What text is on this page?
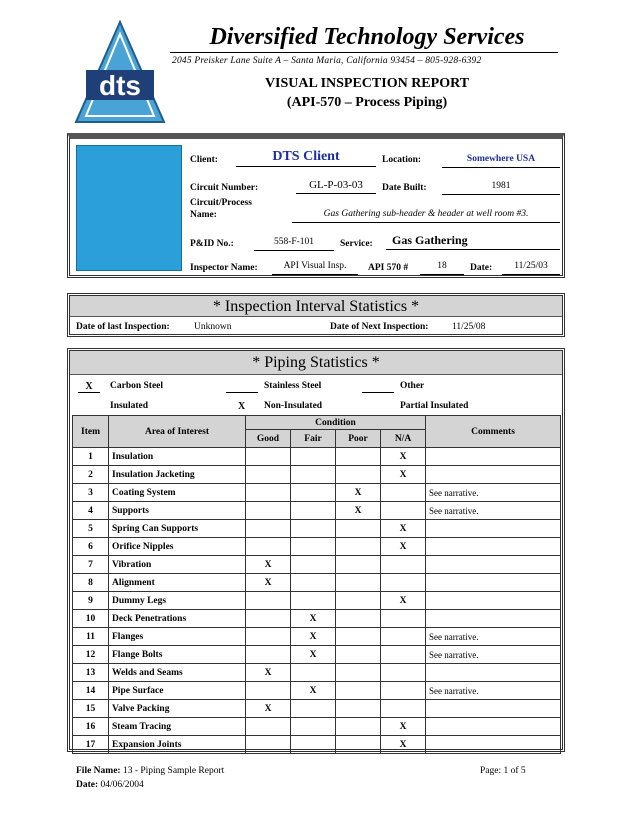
dts
Diversified Technology Services
2045 Preisker Lane Suite A – Santa Maria, California 93454 – 805-928-6392
VISUAL INSPECTION REPORT
(API-570 – Process Piping)
Client:	DTS Client	Location:	Somewhere USA
Circuit Number:	GL-P-03-03	Date Built:	1981
Circuit/Process
Name:	Gas Gathering sub-header & header at well room #3.
P&ID No.:	558-F-101	Service:	Gas Gathering
Inspector Name:	API Visual Insp.	API 570 #	18	Date:	11/25/03
* Inspection Interval Statistics *
Date of last Inspection:	Unknown	Date of Next Inspection: 11/25/08
* Piping Statistics *
X	Carbon Steel	Stainless Steel	Other
Insulated	X Non-Insulated	Partial Insulated
Item	Area of Interest	Condition				Comments
		Good	Fair	Poor	N/A	
1	Insulation				X	
2	Insulation Jacketing				X	
3	Coating System			X		See narrative.
4	Supports			X		See narrative.
5	Spring Can Supports				X	
6	Orifice Nipples				X	
7	Vibration	X				
8	Alignment	X				
9	Dummy Legs				X	
10	Deck Penetrations		X			
11	Flanges		X			See narrative.
12	Flange Bolts		X			See narrative.
13	Welds and Seams	X				
14	Pipe Surface		X			See narrative.
15	Valve Packing	X				
16	Steam Tracing				X	
17	Expansion Joints				X	
File Name: 13 - Piping Sample Report
Date: 04/06/2004
Page: 1 of 5
